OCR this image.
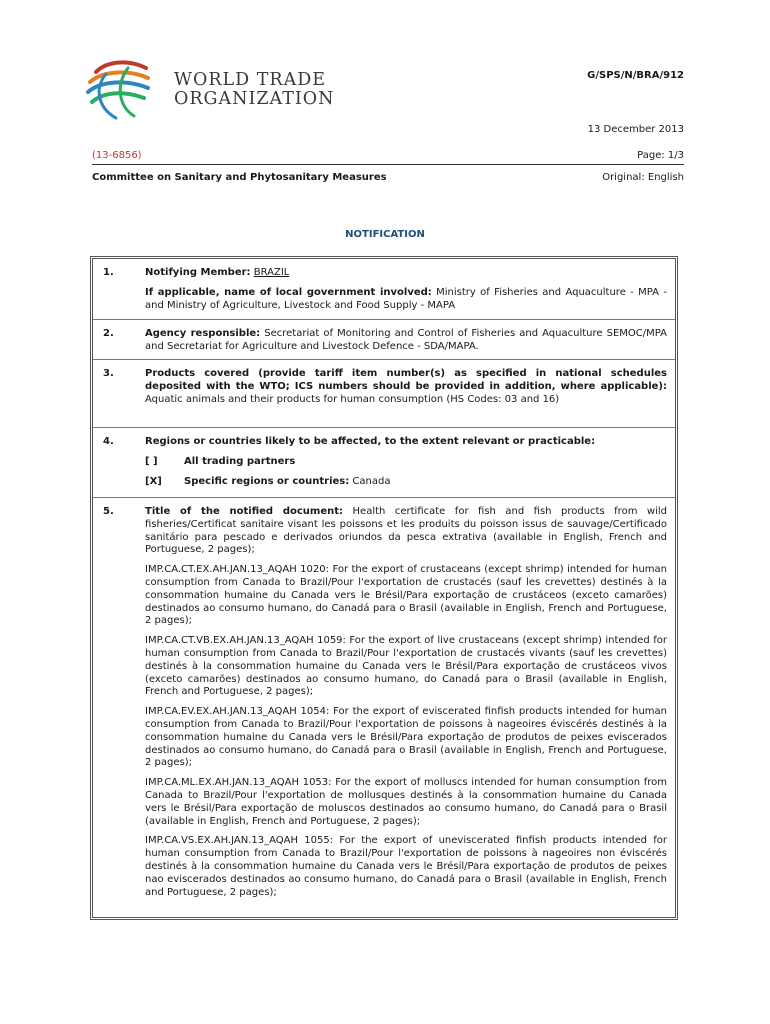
WORLD TRADE
ORGANIZATION
G/SPS/N/BRA/912
13 December 2013
(13-6856)	Page: 1/3
Committee on Sanitary and Phytosanitary Measures	Original: English
NOTIFICATION
1.	Notifying Member: BRAZIL

If applicable, name of local government involved: Ministry of Fisheries and Aquaculture - MPA - and Ministry of Agriculture, Livestock and Food Supply - MAPA

2.	Agency responsible: Secretariat of Monitoring and Control of Fisheries and Aquaculture SEMOC/MPA and Secretariat for Agriculture and Livestock Defence - SDA/MAPA.

3.	Products covered (provide tariff item number(s) as specified in national schedules deposited with the WTO; ICS numbers should be provided in addition, where applicable): Aquatic animals and their products for human consumption (HS Codes: 03 and 16)

4.	Regions or countries likely to be affected, to the extent relevant or practicable:

[ ]	All trading partners
[X]	Specific regions or countries: Canada
5.	Title of the notified document: Health certificate for fish and fish products from wild fisheries/Certificat sanitaire visant les poissons et les produits du poisson issus de sauvage/Certificado sanitário para pescado e derivados oriundos da pesca extrativa (available in English, French and Portuguese, 2 pages);

IMP.CA.CT.EX.AH.JAN.13_AQAH 1020: For the export of crustaceans (except shrimp) intended for human consumption from Canada to Brazil/Pour l'exportation de crustacés (sauf les crevettes) destinés à la consommation humaine du Canada vers le Brésil/Para exportação de crustáceos (exceto camarões) destinados ao consumo humano, do Canadá para o Brasil (available in English, French and Portuguese, 2 pages);

IMP.CA.CT.VB.EX.AH.JAN.13_AQAH 1059: For the export of live crustaceans (except shrimp) intended for human consumption from Canada to Brazil/Pour l'exportation de crustacés vivants (sauf les crevettes) destinés à la consommation humaine du Canada vers le Brésil/Para exportação de crustáceos vivos (exceto camarões) destinados ao consumo humano, do Canadá para o Brasil (available in English, French and Portuguese, 2 pages);

IMP.CA.EV.EX.AH.JAN.13_AQAH 1054: For the export of eviscerated finfish products intended for human consumption from Canada to Brazil/Pour l'exportation de poissons à nageoires éviscérés destinés à la consommation humaine du Canada vers le Brésil/Para exportação de produtos de peixes eviscerados destinados ao consumo humano, do Canadá para o Brasil (available in English, French and Portuguese, 2 pages);

IMP.CA.ML.EX.AH.JAN.13_AQAH 1053: For the export of molluscs intended for human consumption from Canada to Brazil/Pour l'exportation de mollusques destinés à la consommation humaine du Canada vers le Brésil/Para exportação de moluscos destinados ao consumo humano, do Canadá para o Brasil (available in English, French and Portuguese, 2 pages);

IMP.CA.VS.EX.AH.JAN.13_AQAH 1055: For the export of uneviscerated finfish products intended for human consumption from Canada to Brazil/Pour l'exportation de poissons à nageoires non éviscérés destinés à la consommation humaine du Canada vers le Brésil/Para exportação de produtos de peixes nao eviscerados destinados ao consumo humano, do Canadá para o Brasil (available in English, French and Portuguese, 2 pages);
